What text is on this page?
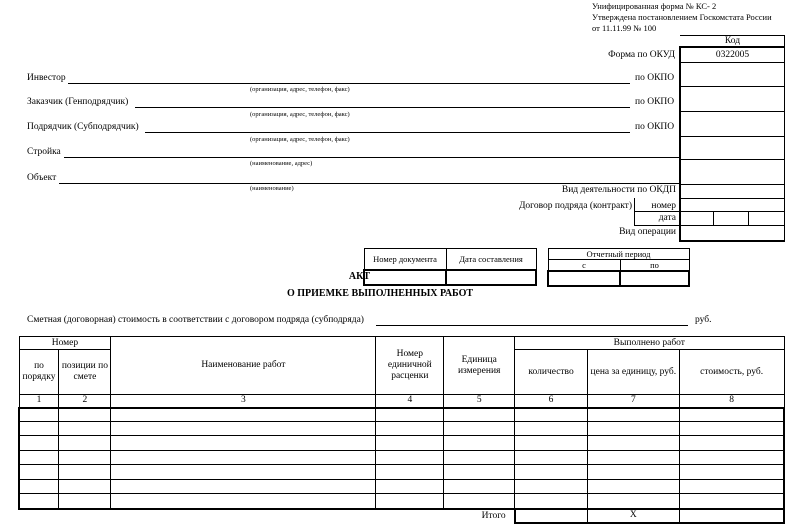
Унифицированная форма № КС- 2
Утверждена постановлением Госкомстата России
от 11.11.99 № 100
Код
Форма по ОКУД	0322005
Инвестор	по ОКПО
(организация, адрес, телефон, факс)
Заказчик (Генподрядчик)	по ОКПО
(организация, адрес, телефон, факс)
Подрядчик (Субподрядчик)	по ОКПО
(организация, адрес, телефон, факс)
Стройка
(наименование, адрес)
Объект
(наименование)	Вид деятельности по ОКДП
Договор подряда (контракт)	номер
дата
Вид операции
Номер документа	Дата составления
		Отчетный период	
с	по

АКТ
О ПРИЕМКЕ ВЫПОЛНЕННЫХ РАБОТ
Сметная (договорная) стоимость в соответствии с договором подряда (субподряда)	руб.
Номер		Наименование работ	Номер единичной расценки	Единица измерения	Выполнено работ		
по порядку	позиции по смете				количество	цена за единицу, руб.	стоимость, руб.
1	2	3	4	5	6	7	8

Итого						Х	
